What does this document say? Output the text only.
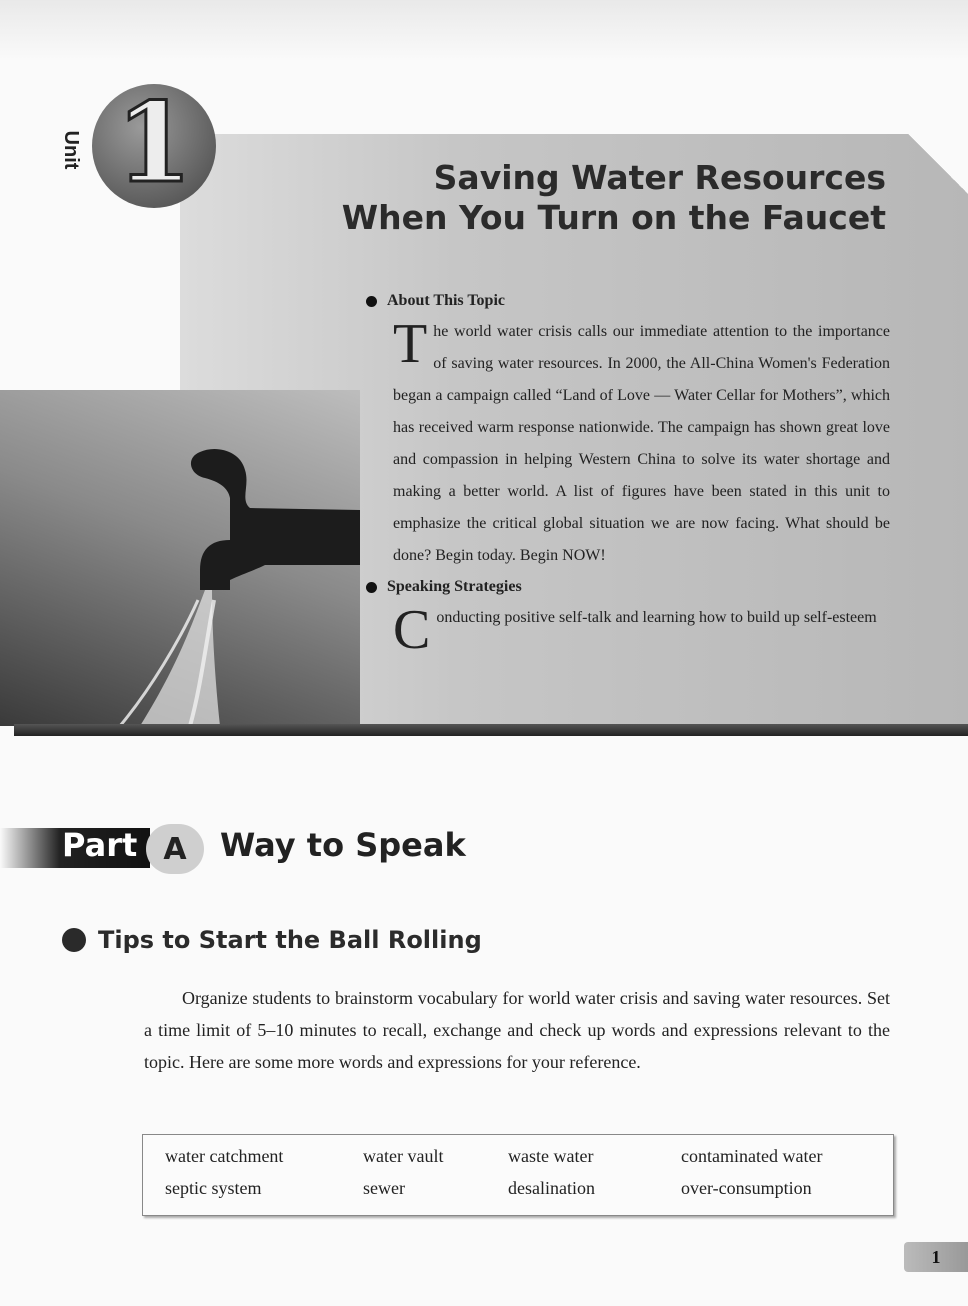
Unit 1	Saving Water Resources
When You Turn on the Faucet
About This Topic

The world water crisis calls our immediate attention to the importance of saving water resources. In 2000, the All-China Women's Federation began a campaign called “Land of Love — Water Cellar for Mothers”, which has received warm response nationwide. The campaign has shown great love and compassion in helping Western China to solve its water shortage and making a better world. A list of figures have been stated in this unit to emphasize the critical global situation we are now facing. What should be done? Begin today. Begin NOW!

Speaking Strategies

Conducting positive self-talk and learning how to build up self-esteem

Part A	Way to Speak
Tips to Start the Ball Rolling

Organize students to brainstorm vocabulary for world water crisis and saving water resources. Set a time limit of 5–10 minutes to recall, exchange and check up words and expressions relevant to the topic. Here are some more words and expressions for your reference.

water catchment	water vault	waste water	contaminated water
septic system	sewer	desalination	over-consumption
1
